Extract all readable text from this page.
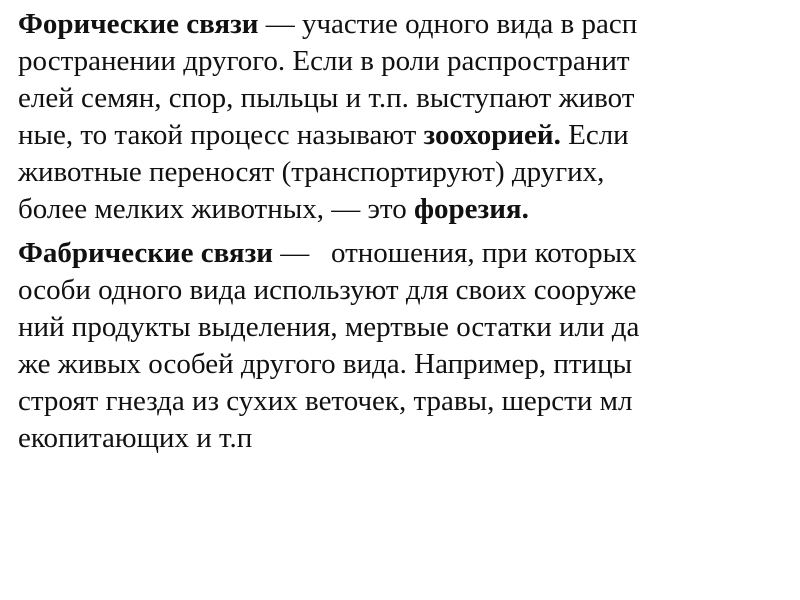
Форические связи — участие одного вида в расп
ространении другого. Если в роли распространит
елей семян, спор, пыльцы и т.п. выступают живот
ные, то такой процесс называют зоохорией. Если
животные переносят (транспортируют) других,
более мелких животных, — это форезия.
Фабрические связи —   отношения, при которых
особи одного вида используют для своих сооруже
ний продукты выделения, мертвые остатки или да
же живых особей другого вида. Например, птицы
строят гнезда из сухих веточек, травы, шерсти мл
екопитающих и т.п
